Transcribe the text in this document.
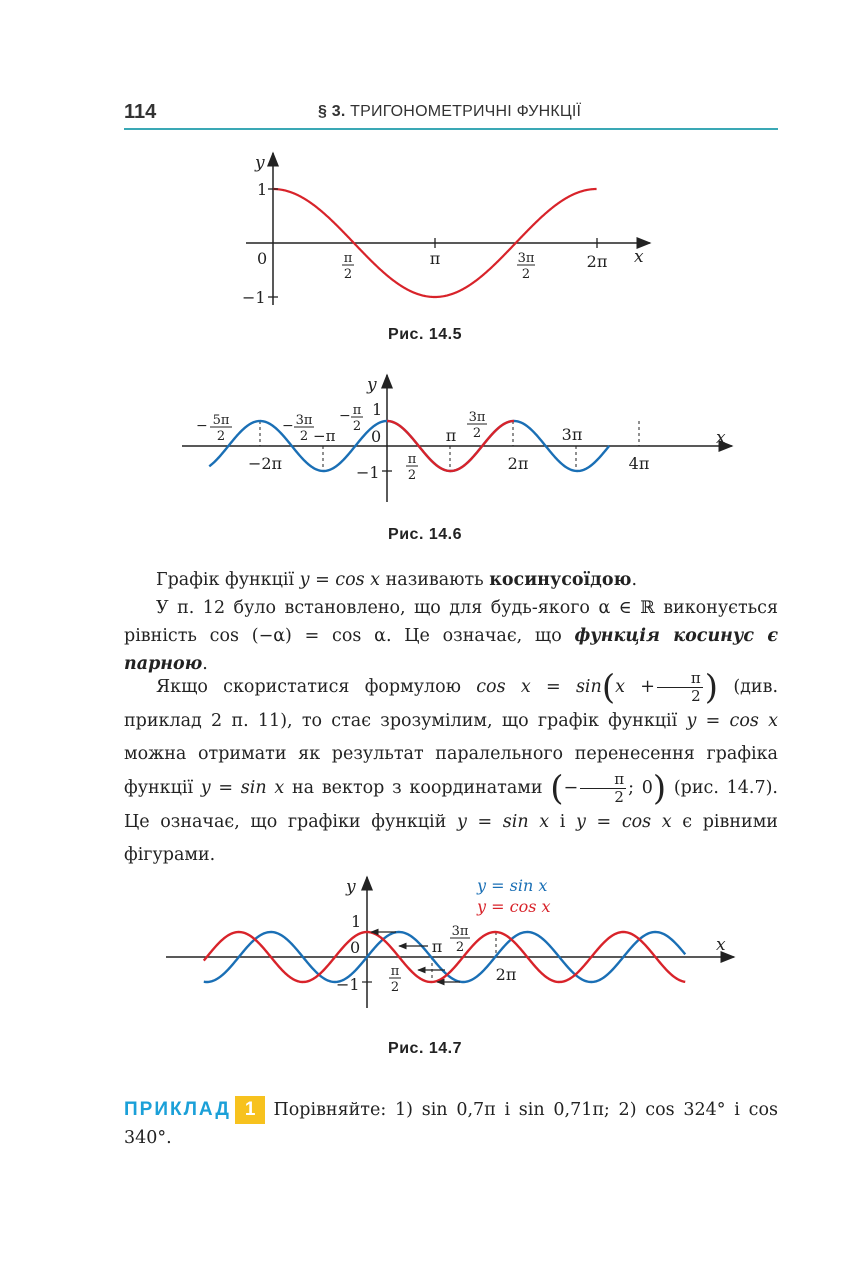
114	§ 3. ТРИГОНОМЕТРИЧНІ ФУНКЦІЇ
y
1
0
−1
π
2
π	3π
2
2π x
Рис. 14.5
y
x
− 5π
2
− 3π
2 −π
− π
2
1
0
−1
−2π	π
2
π
3π
2
2π
3π
4π
Рис. 14.6
Графік функції y = cos x називають косинусоїдою.
У п. 12 було встановлено, що для будь-якого α ∈ ℝ виконується рівність cos (−α) = cos α. Це означає, що функція косинус є парною.
Якщо скористатися формулою $\cos x = \sin(x + \frac{\pi}{2}$ ) (див. приклад 2 п. 11), то стає зрозумілим, що графік функції y = cos x можна отримати як результат паралельного перенесення графіка функції y = sin x на вектор з координатами (− $\frac{\pi}{2}$ ; 0) (рис. 14.7). Це означає, що графіки функцій y = sin x і y = cos x є рівними фігурами.
y
x
y = sin x
y = cos x
1
0
−1
π
3π
2
π
2
2π
Рис. 14.7
ПРИКЛАД 1 Порівняйте: 1) sin 0,7π і sin 0,71π; 2) cos 324° і cos 340°.
